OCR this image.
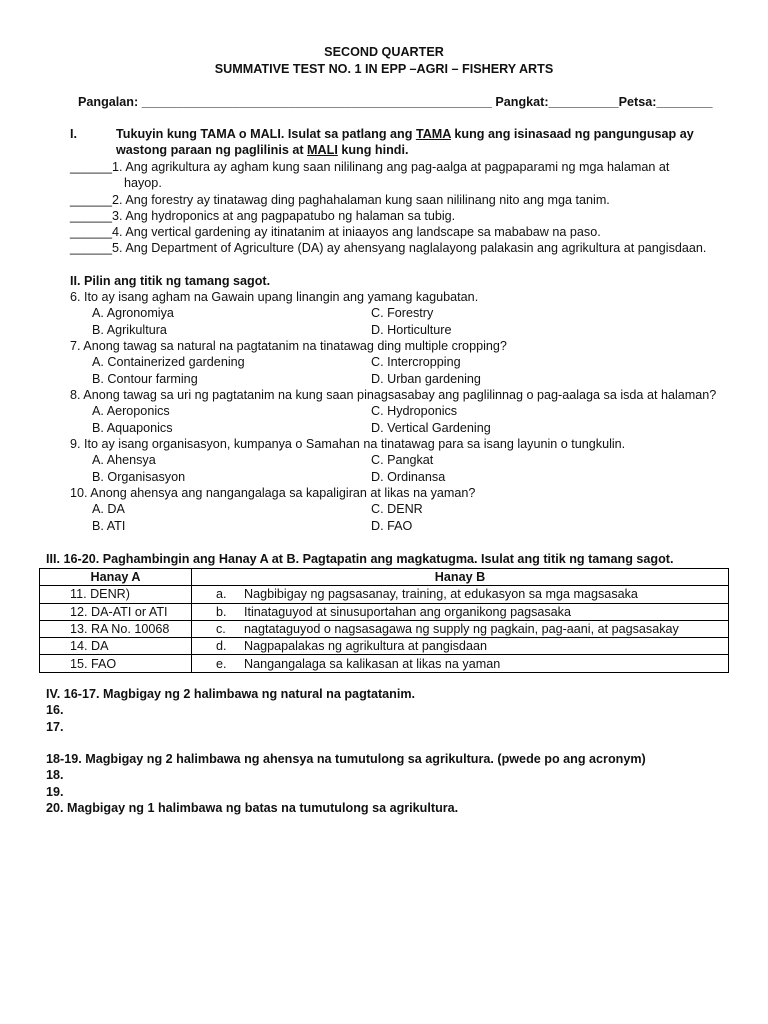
SECOND QUARTER
SUMMATIVE TEST NO. 1 IN EPP –AGRI – FISHERY ARTS
Pangalan: __________________________________________________ Pangkat:__________Petsa:________
I.	Tukuyin kung TAMA o MALI. Isulat sa patlang ang TAMA kung ang isinasaad ng pangungusap ay wastong paraan ng paglilinis at MALI kung hindi.
______1. Ang agrikultura ay agham kung saan nililinang ang pag-aalga at pagpaparami ng mga halaman at
hayop.
______2. Ang forestry ay tinatawag ding paghahalaman kung saan nililinang nito ang mga tanim.
______3. Ang hydroponics at ang pagpapatubo ng halaman sa tubig.
______4. Ang vertical gardening ay itinatanim at iniaayos ang landscape sa mababaw na paso.
______5. Ang Department of Agriculture (DA) ay ahensyang naglalayong palakasin ang agrikultura at pangisdaan.
II. Pilin ang titik ng tamang sagot.
6. Ito ay isang agham na Gawain upang linangin ang yamang kagubatan.
A. Agronomiya
B. Agrikultura
C. Forestry
D. Horticulture
7. Anong tawag sa natural na pagtatanim na tinatawag ding multiple cropping?
A. Containerized gardening
B. Contour farming
C. Intercropping
D. Urban gardening
8. Anong tawag sa uri ng pagtatanim na kung saan pinagsasabay ang paglilinnag o pag-aalaga sa isda at halaman?
A. Aeroponics
B. Aquaponics
C. Hydroponics
D. Vertical Gardening
9. Ito ay isang organisasyon, kumpanya o Samahan na tinatawag para sa isang layunin o tungkulin.
A. Ahensya
B. Organisasyon
C. Pangkat
D. Ordinansa
10. Anong ahensya ang nangangalaga sa kapaligiran at likas na yaman?
A. DA
B. ATI
C. DENR
D. FAO
III. 16-20. Paghambingin ang Hanay A at B. Pagtapatin ang magkatugma. Isulat ang titik ng tamang sagot.
Hanay A	Hanay B	
11. DENR)	a.	Nagbibigay ng pagsasanay, training, at edukasyon sa mga magsasaka
12. DA-ATI or ATI	b.	Itinataguyod at sinusuportahan ang organikong pagsasaka
13. RA No. 10068	c.	nagtataguyod o nagsasagawa ng supply ng pagkain, pag-aani, at pagsasakay
14. DA	d.	Nagpapalakas ng agrikultura at pangisdaan
15. FAO	e.	Nangangalaga sa kalikasan at likas na yaman
IV. 16-17. Magbigay ng 2 halimbawa ng natural na pagtatanim.
16.
17.

18-19. Magbigay ng 2 halimbawa ng ahensya na tumutulong sa agrikultura. (pwede po ang acronym)
18.
19.
20. Magbigay ng 1 halimbawa ng batas na tumutulong sa agrikultura.
